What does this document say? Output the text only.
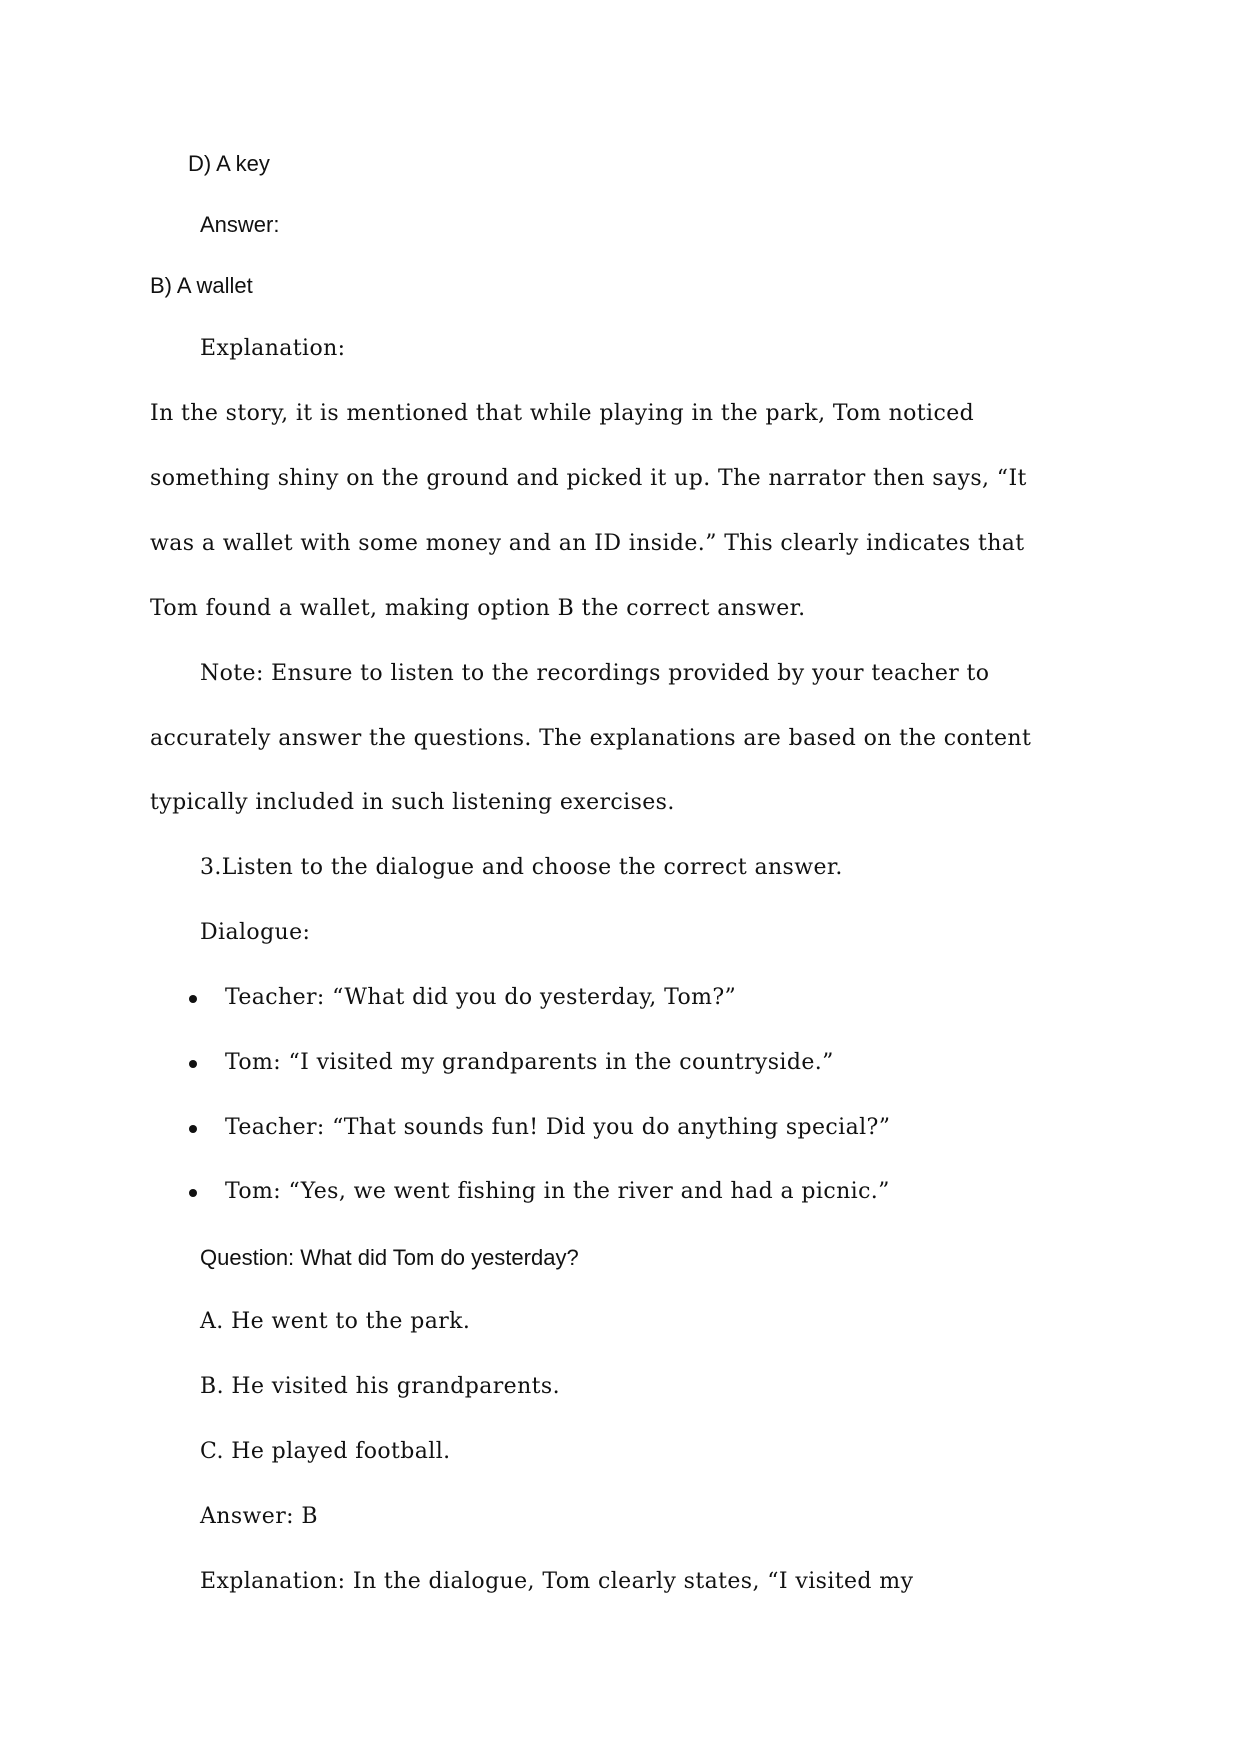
D) A key
Answer:
B) A wallet
Explanation:
In the story, it is mentioned that while playing in the park, Tom noticed
something shiny on the ground and picked it up. The narrator then says, “It
was a wallet with some money and an ID inside.” This clearly indicates that
Tom found a wallet, making option B the correct answer.
Note: Ensure to listen to the recordings provided by your teacher to
accurately answer the questions. The explanations are based on the content
typically included in such listening exercises.
3.Listen to the dialogue and choose the correct answer.
Dialogue:
Teacher: “What did you do yesterday, Tom?”
Tom: “I visited my grandparents in the countryside.”
Teacher: “That sounds fun! Did you do anything special?”
Tom: “Yes, we went fishing in the river and had a picnic.”
Question: What did Tom do yesterday?
A. He went to the park.
B. He visited his grandparents.
C. He played football.
Answer: B
Explanation: In the dialogue, Tom clearly states, “I visited my
